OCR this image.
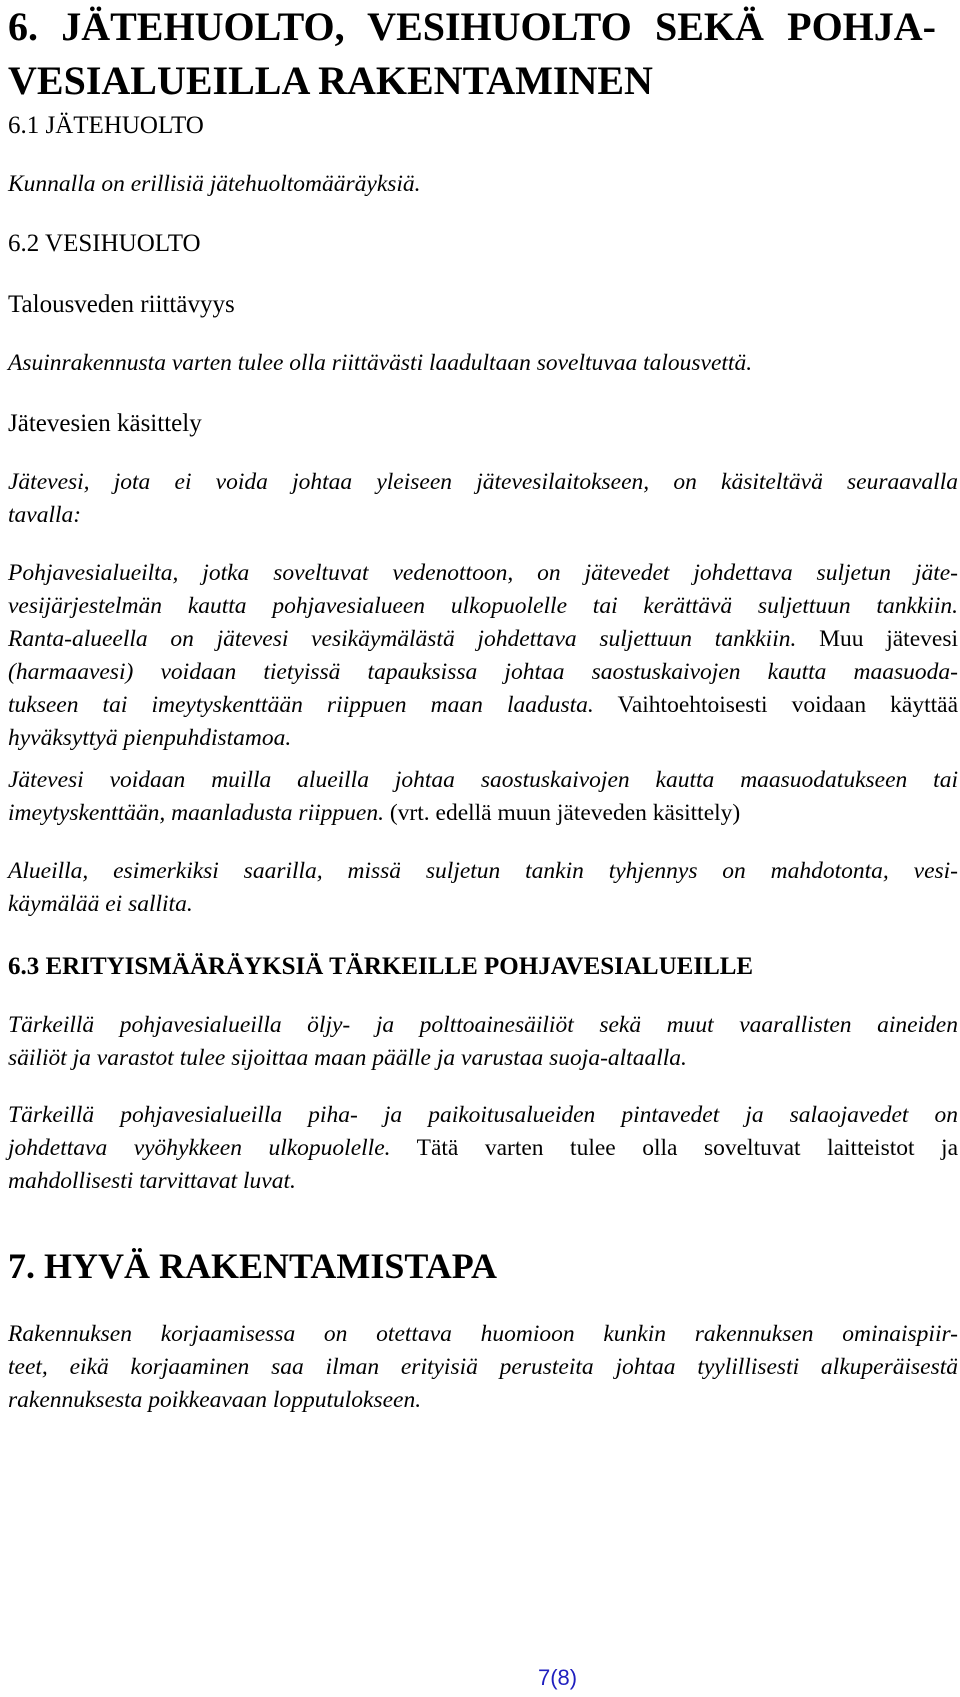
6. JÄTEHUOLTO, VESIHUOLTO SEKÄ POHJA-
VESIALUEILLA RAKENTAMINEN
6.1 JÄTEHUOLTO

Kunnalla on erillisiä jätehuoltomääräyksiä.

6.2 VESIHUOLTO
Talousveden riittävyys

Asuinrakennusta varten tulee olla riittävästi laadultaan soveltuvaa talousvettä.

Jätevesien käsittely
Jätevesi, jota ei voida johtaa yleiseen jätevesilaitokseen, on käsiteltävä seuraavalla
tavalla:
Pohjavesialueilta, jotka soveltuvat vedenottoon, on jätevedet johdettava suljetun jäte-
vesijärjestelmän kautta pohjavesialueen ulkopuolelle tai kerättävä suljettuun tankkiin.
Ranta-alueella on jätevesi vesikäymälästä johdettava suljettuun tankkiin. Muu jätevesi
(harmaavesi) voidaan tietyissä tapauksissa johtaa saostuskaivojen kautta maasuoda-
tukseen tai imeytyskenttään riippuen maan laadusta. Vaihtoehtoisesti voidaan käyttää
hyväksyttyä pienpuhdistamoa.
Jätevesi voidaan muilla alueilla johtaa saostuskaivojen kautta maasuodatukseen tai
imeytyskenttään, maanladusta riippuen. (vrt. edellä muun jäteveden käsittely)
Alueilla, esimerkiksi saarilla, missä suljetun tankin tyhjennys on mahdotonta, vesi-
käymälää ei sallita.
6.3 ERITYISMÄÄRÄYKSIÄ TÄRKEILLE POHJAVESIALUEILLE
Tärkeillä pohjavesialueilla öljy- ja polttoainesäiliöt sekä muut vaarallisten aineiden
säiliöt ja varastot tulee sijoittaa maan päälle ja varustaa suoja-altaalla.
Tärkeillä pohjavesialueilla piha- ja paikoitusalueiden pintavedet ja salaojavedet on
johdettava vyöhykkeen ulkopuolelle. Tätä varten tulee olla soveltuvat laitteistot ja
mahdollisesti tarvittavat luvat.
7. HYVÄ RAKENTAMISTAPA
Rakennuksen korjaamisessa on otettava huomioon kunkin rakennuksen ominaispiir-
teet, eikä korjaaminen saa ilman erityisiä perusteita johtaa tyylillisesti alkuperäisestä
rakennuksesta poikkeavaan lopputulokseen.
7(8)
